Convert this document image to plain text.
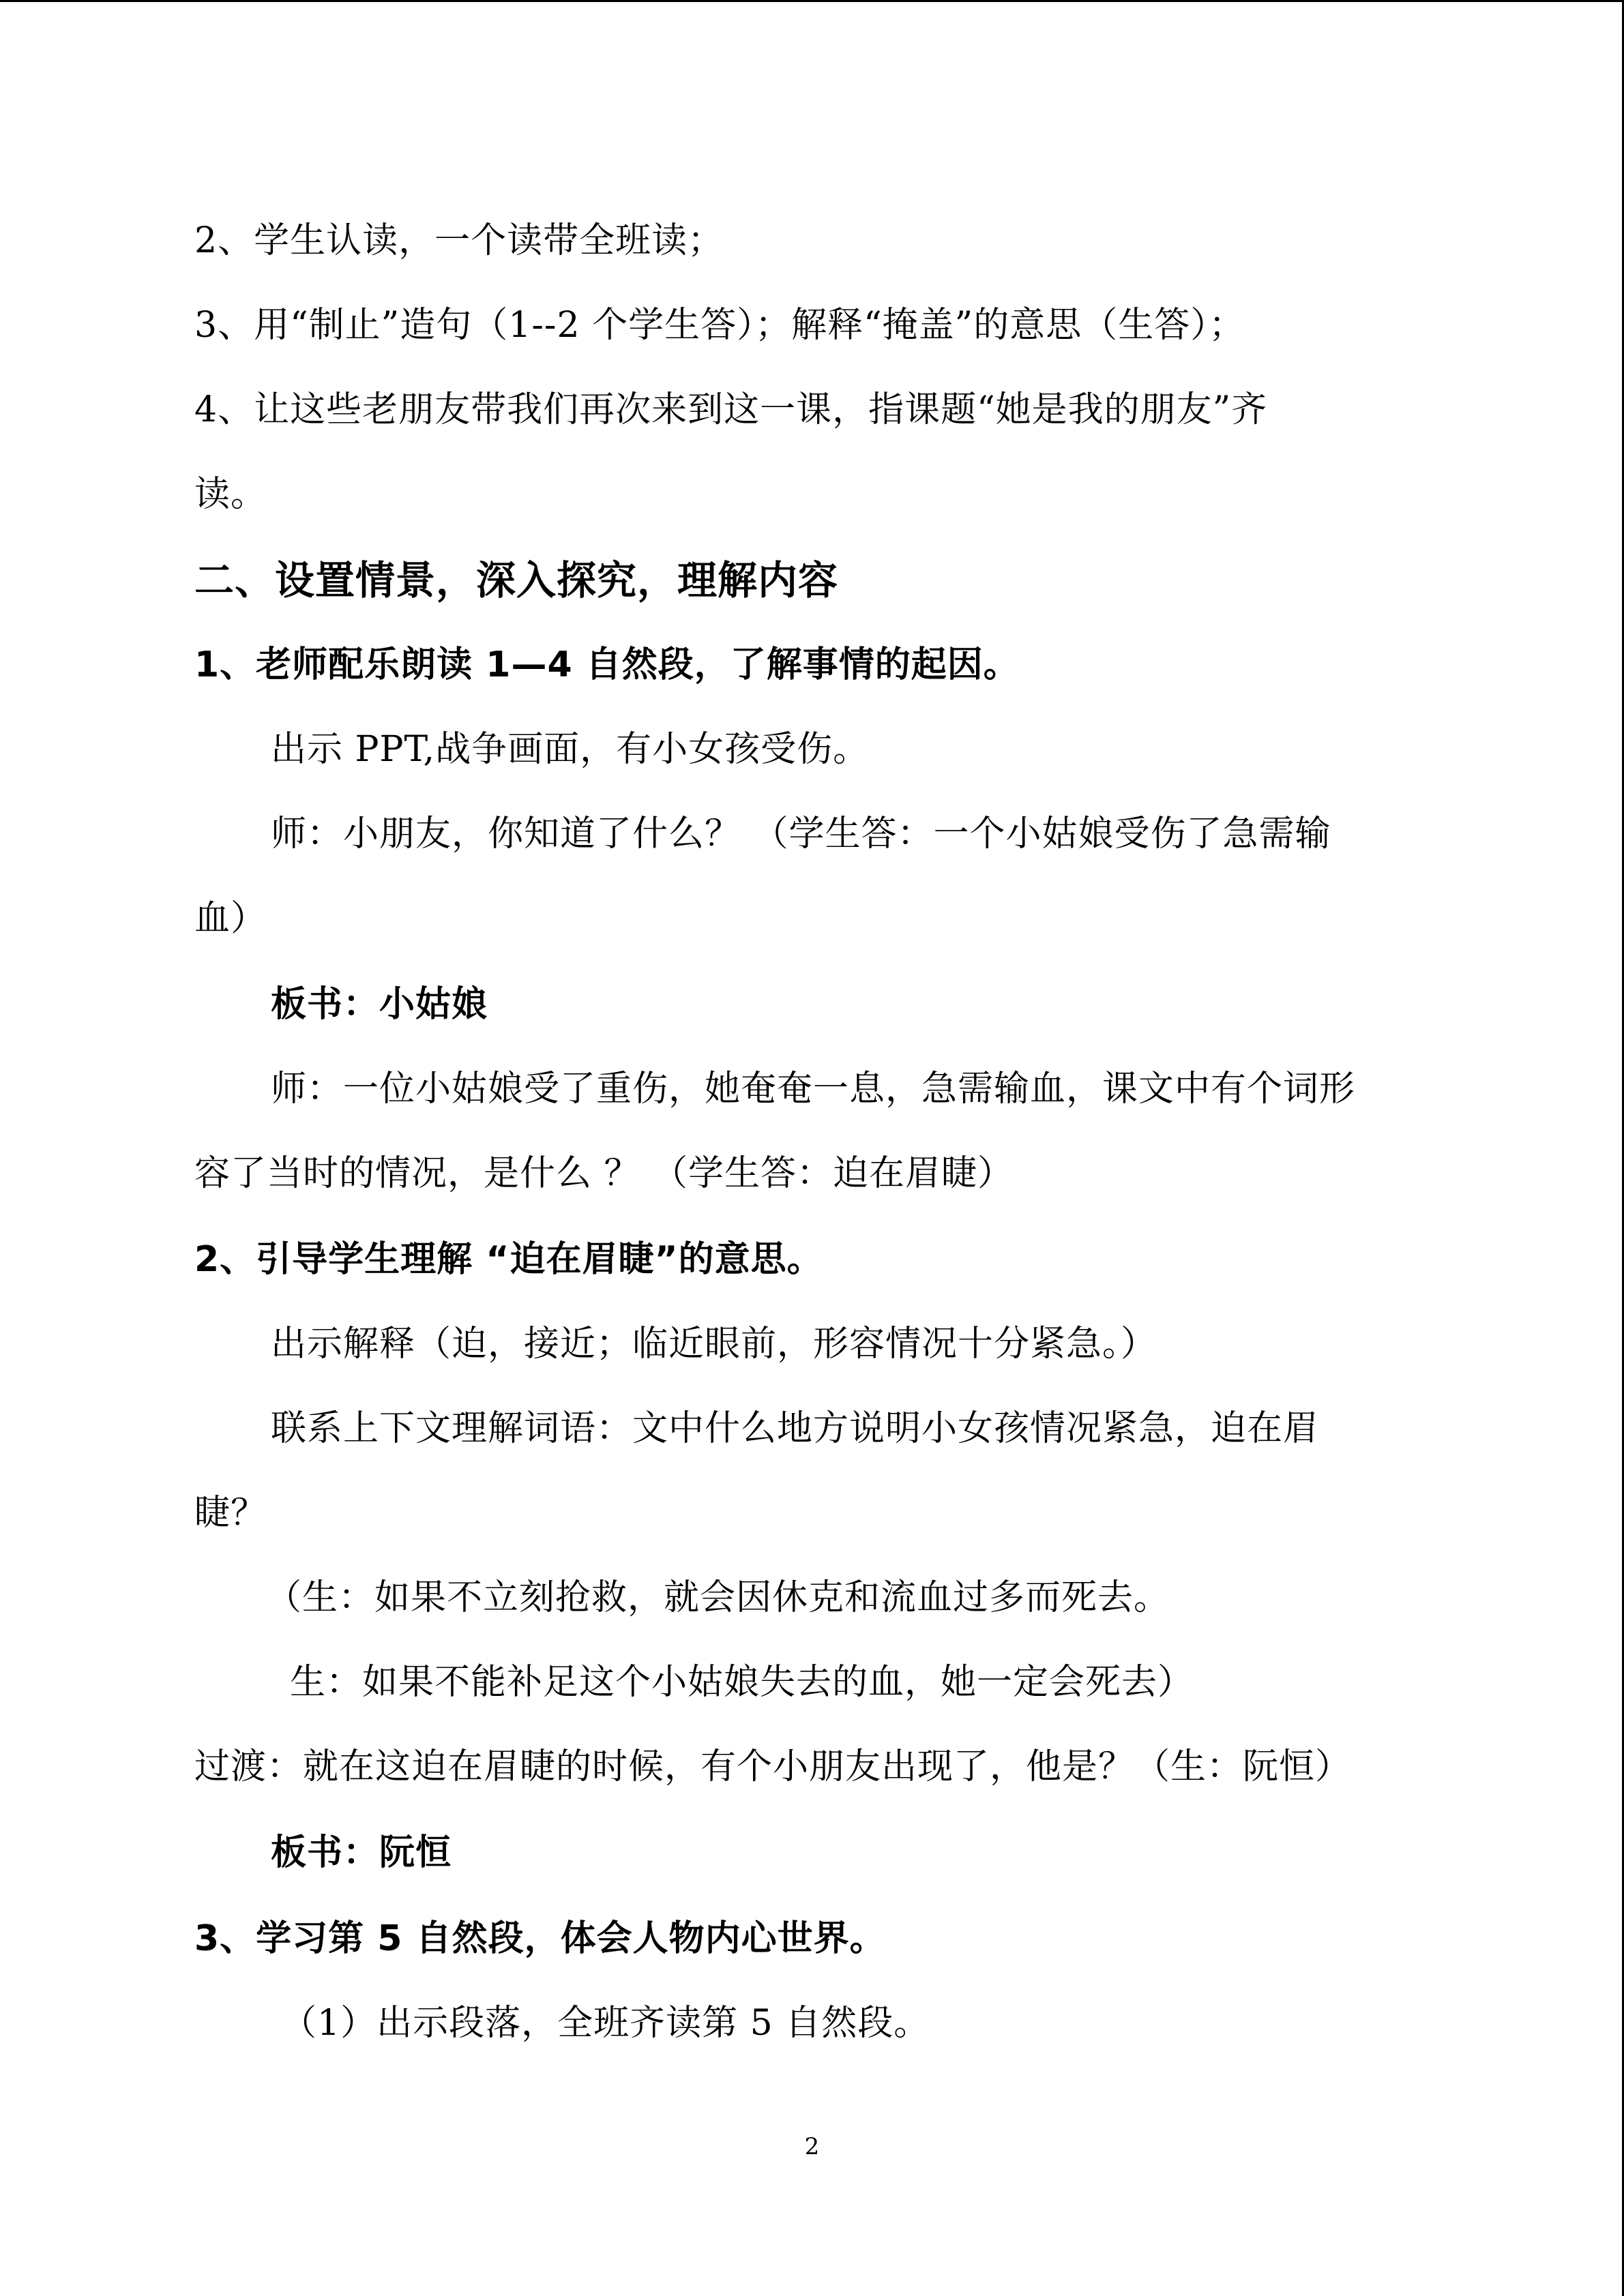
2、学生认读，一个读带全班读；
3、用“制止”造句（1--2 个学生答）；解释“掩盖”的意思（生答）；
4、让这些老朋友带我们再次来到这一课，指课题“她是我的朋友”齐
读。
二、设置情景，深入探究，理解内容
1、老师配乐朗读 1—4 自然段，了解事情的起因。
出示 PPT,战争画面，有小女孩受伤。
师：小朋友，你知道了什么？ （学生答：一个小姑娘受伤了急需输
血）
板书：小姑娘
师：一位小姑娘受了重伤，她奄奄一息，急需输血，课文中有个词形
容了当时的情况，是什么 ？ （学生答：迫在眉睫）
2、引导学生理解 “迫在眉睫”的意思。
出示解释（迫，接近；临近眼前，形容情况十分紧急。）
联系上下文理解词语：文中什么地方说明小女孩情况紧急，迫在眉
睫？
（生：如果不立刻抢救，就会因休克和流血过多而死去。
生：如果不能补足这个小姑娘失去的血，她一定会死去）
过渡：就在这迫在眉睫的时候，有个小朋友出现了，他是？（生：阮恒）
板书：阮恒
3、学习第 5 自然段，体会人物内心世界。
（1）出示段落，全班齐读第 5 自然段。
2
